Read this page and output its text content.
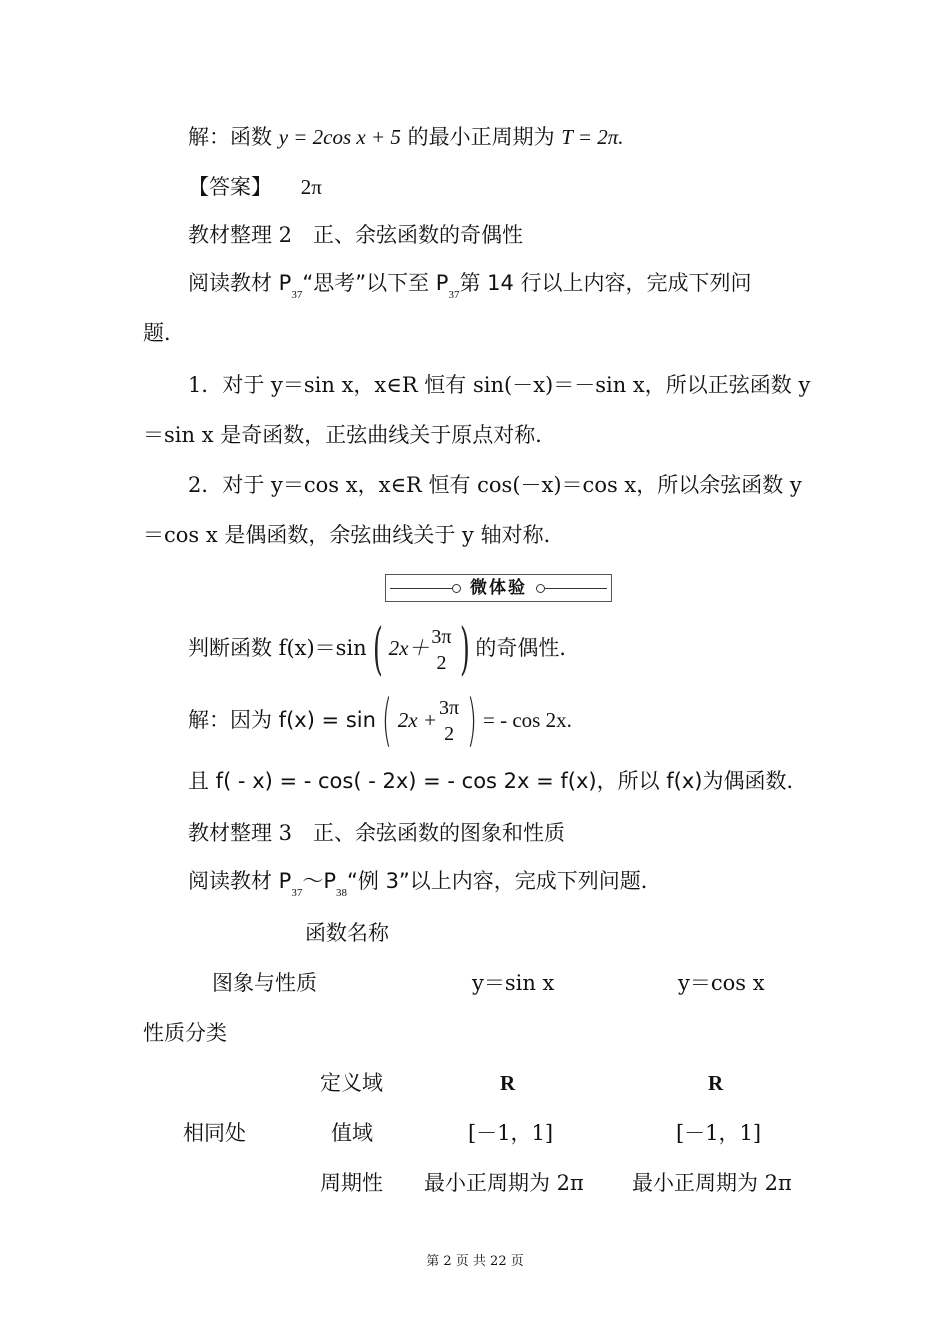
解：函数 y = 2cos x + 5 的最小正周期为 T = 2π.
【答案】 2π
教材整理 2　正、余弦函数的奇偶性
阅读教材 $P_{37}“$思考”以下至 $P_{37}$第 14 行以上内容，完成下列问
题．
1．对于 y＝sin x，x∈R 恒有 sin(－x)＝－sin x，所以正弦函数 y
＝sin x 是奇函数，正弦曲线关于原点对称．
2．对于 y＝cos x，x∈R 恒有 cos(－x)＝cos x，所以余弦函数 y
＝cos x 是偶函数，余弦曲线关于 y 轴对称．
微体验
判断函数 f(x)＝sin ( 2x＋ 3π
2 ) 的奇偶性．
解：因为 f(x) = sin ( 2x + 3π
2 ) = - cos 2x.
且 f( - x) = - cos( - 2x) = - cos 2x = f(x)，所以 f(x)为偶函数．
教材整理 3　正、余弦函数的图象和性质
阅读教材 $P_{37}\sim P_{38}“$例 3”以上内容，完成下列问题．
函数名称
图象与性质	y＝sin x	y＝cos x
性质分类
定义域	R	R
相同处	值域	[－1，1]	[－1，1]
周期性 最小正周期为 2π 最小正周期为 2π
第 2 页 共 22 页
